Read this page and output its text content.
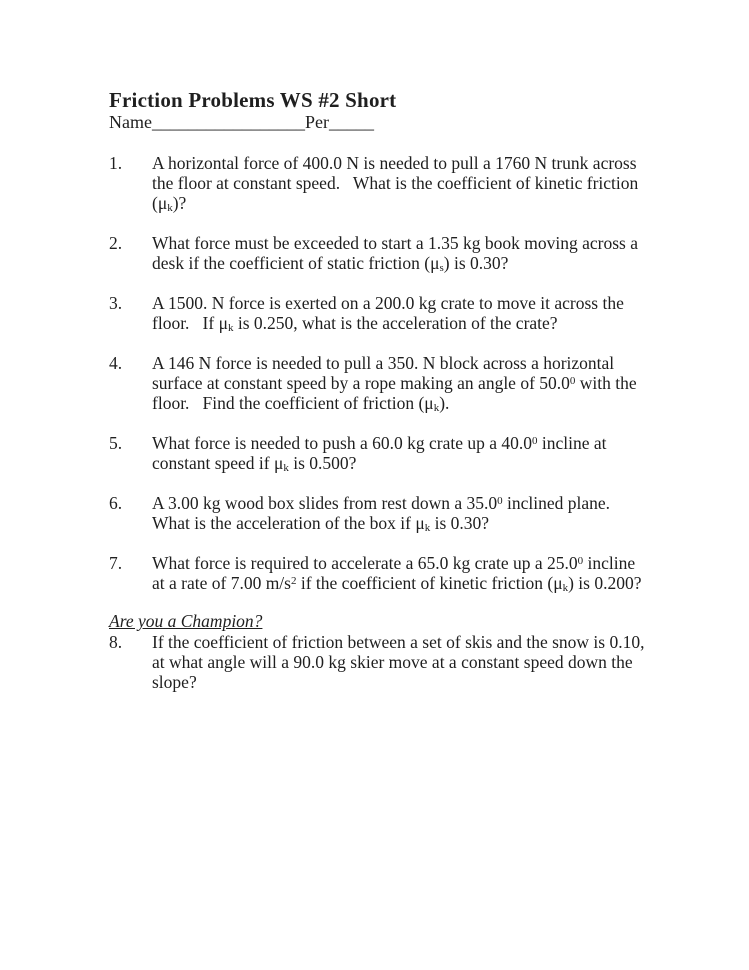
Friction Problems WS #2 Short
Name_________________Per_____
1.	A horizontal force of 400.0 N is needed to pull a 1760 N trunk across
the floor at constant speed.   What is the coefficient of kinetic friction
$(\mu_k)$?
2.	What force must be exceeded to start a 1.35 kg book moving across a
desk if the coefficient of static friction $(\mu_s)$ is 0.30?
3.	A 1500. N force is exerted on a 200.0 kg crate to move it across the
floor.   If $\mu_k$ is 0.250, what is the acceleration of the crate?
4.	A 146 N force is needed to pull a 350. N block across a horizontal
surface at constant speed by a rope making an angle of 50.0$^0$ with the
floor.   Find the coefficient of friction $(\mu_k)$.
5.	What force is needed to push a 60.0 kg crate up a 40.0$^0$ incline at
constant speed if $\mu_k$ is 0.500?
6.	A 3.00 kg wood box slides from rest down a 35.0$^0$ inclined plane.
What is the acceleration of the box if $\mu_k$ is 0.30?
7.	What force is required to accelerate a 65.0 kg crate up a 25.0$^0$ incline
at a rate of 7.00 $m/s^2$ if the coefficient of kinetic friction $(\mu_k)$ is 0.200?
Are you a Champion?
8.	If the coefficient of friction between a set of skis and the snow is 0.10,
at what angle will a 90.0 kg skier move at a constant speed down the
slope?
